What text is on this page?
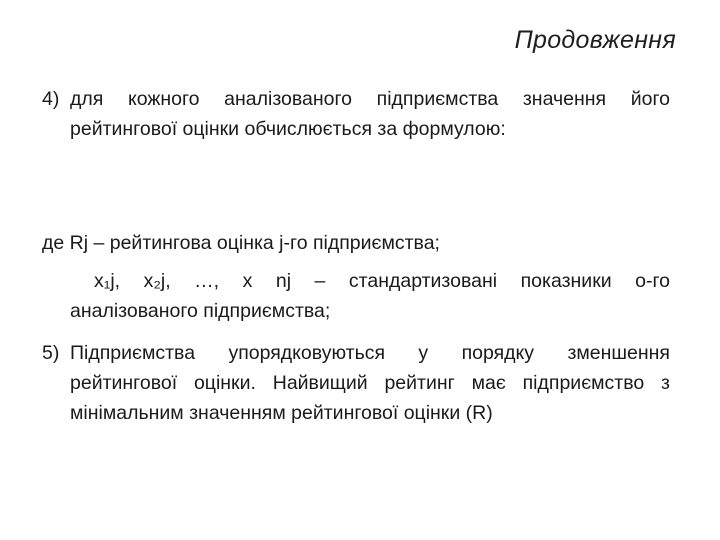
Продовження
4) для кожного аналізованого підприємства значення його рейтингової оцінки обчислюється за формулою:
де Rj – рейтингова оцінка j-го підприємства;
x₁j, x₂j, …, x nj – стандартизовані показники о-го
аналізованого підприємства;
5) Підприємства упорядковуються у порядку зменшення рейтингової оцінки. Найвищий рейтинг має підприємство з мінімальним значенням рейтингової оцінки (R)
